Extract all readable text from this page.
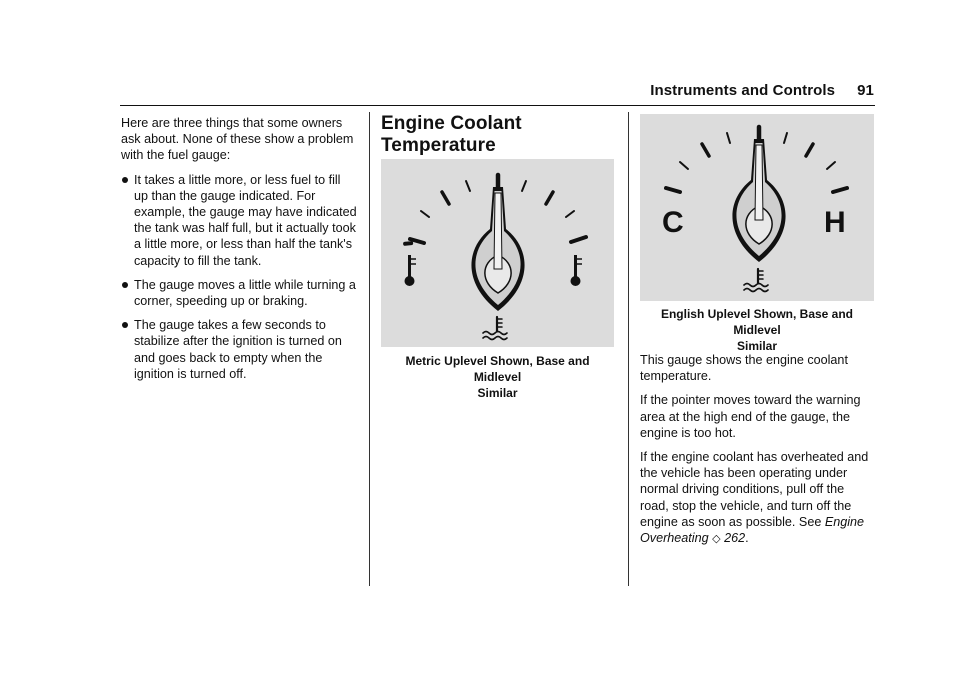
Instruments and Controls 91

Here are three things that some owners ask about. None of these show a problem with the fuel gauge:

It takes a little more, or less fuel to fill up than the gauge indicated. For example, the gauge may have indicated the tank was half full, but it actually took a little more, or less than half the tank's capacity to fill the tank.
The gauge moves a little while turning a corner, speeding up or braking.
The gauge takes a few seconds to stabilize after the ignition is turned on and goes back to empty when the ignition is turned off.
Engine Coolant Temperature

Metric Uplevel Shown, Base and Midlevel
Similar
C	H
English Uplevel Shown, Base and Midlevel
Similar

This gauge shows the engine coolant temperature.

If the pointer moves toward the warning area at the high end of the gauge, the engine is too hot.

If the engine coolant has overheated and the vehicle has been operating under normal driving conditions, pull off the road, stop the vehicle, and turn off the engine as soon as possible. See Engine Overheating ◇ 262.
